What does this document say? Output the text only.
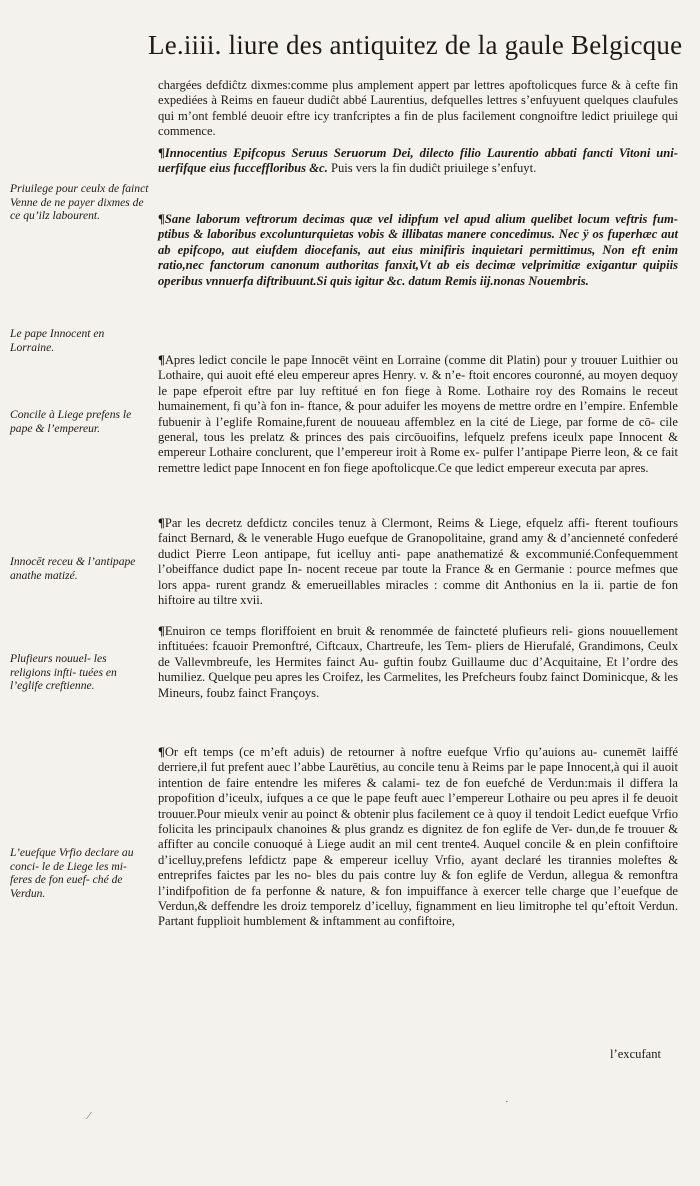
Le.iiii. liure des antiquitez de la gaule Belgicque

chargées defdiĉtz dixmes:comme plus amplement appert par lettres apoftolicques furce & à cefte fin expediées à Reims en faueur dudiĉt abbé Laurentius, defquelles lettres s’enfuyuent quelques claufules qui m’ont femblé deuoir eftre icy tranfcriptes a fin de plus facilement congnoiftre ledict priuilege qui commence.

¶Innocentius Epifcopus Seruus Seruorum Dei, dilecto filio Laurentio abbati fancti Vitoni uni- uerfifque eius fucceffloribus &c. Puis vers la fin dudiĉt priuilege s’enfuyt.

¶Sane laborum veftrorum decimas quæ vel idipfum vel apud alium quelibet locum veftris fum- ptibus & laboribus excolunturquietas vobis & illibatas manere concedimus. Nec ÿ os fuperhæc aut ab epifcopo, aut eiufdem diocefanis, aut eius minifiris inquietari permittimus, Non eft enim ratio,nec fanctorum canonum authoritas fanxit,Vt ab eis decimæ velprimitiæ exigantur quipiis operibus vnnuerfa diftribuunt.Si quis igitur &c. datum Remis iij.nonas Nouembris.

¶Apres ledict concile le pape Innocēt vēint en Lorraine (comme dit Platin) pour y trouuer Luithier ou Lothaire, qui auoit efté eleu empereur apres Henry. v. & n’e- ftoit encores couronné, au moyen dequoy le pape efperoit eftre par luy reftitué en fon fiege à Rome. Lothaire roy des Romains le receut humainement, fi qu’à fon in- ftance, & pour aduifer les moyens de mettre ordre en l’empire. Enfemble fubuenir à l’eglife Romaine,furent de nouueau affemblez en la cité de Liege, par forme de cō- cile general, tous les prelatz & princes des pais circōuoifins, lefquelz prefens iceulx pape Innocent & empereur Lothaire conclurent, que l’empereur iroit à Rome ex- pulfer l’antipape Pierre leon, & ce fait remettre ledict pape Innocent en fon fiege apoftolicque.Ce que ledict empereur executa par apres.

¶Par les decretz defdictz conciles tenuz à Clermont, Reims & Liege, efquelz affi- fterent toufiours fainct Bernard, & le venerable Hugo euefque de Granopolitaine, grand amy & d’ancienneté confederé dudict Pierre Leon antipape, fut icelluy anti- pape anathematizé & excommunié.Confequemment l’obeiffance dudict pape In- nocent receue par toute la France & en Germanie : pource mefmes que lors appa- rurent grandz & emerueillables miracles : comme dit Anthonius en la ii. partie de fon hiftoire au tiltre xvii.

¶Enuiron ce temps floriffoient en bruit & renommée de faincteté plufieurs reli- gions nouuellement inftituées: fcauoir Premonftré, Ciftcaux, Chartreufe, les Tem- pliers de Hierufalé, Grandimons, Ceulx de Vallevmbreufe, les Hermites fainct Au- guftin foubz Guillaume duc d’Acquitaine, Et l’ordre des humiliez. Quelque peu apres les Croifez, les Carmelites, les Prefcheurs foubz fainct Dominicque, & les Mineurs, foubz fainct Françoys.

¶Or eft temps (ce m’eft aduis) de retourner à noftre euefque Vrfio qu’auions au- cunemēt laiffé derriere,il fut prefent auec l’abbe Laurētius, au concile tenu à Reims par le pape Innocent,à qui il auoit intention de faire entendre les miferes & calami- tez de fon euefché de Verdun:mais il differa la propofition d’iceulx, iufques a ce que le pape feuft auec l’empereur Lothaire ou peu apres il fe deuoit trouuer.Pour mieulx venir au poinct & obtenir plus facilement ce à quoy il tendoit Ledict euefque Vrfio folicita les principaulx chanoines & plus grandz es dignitez de fon eglife de Ver- dun,de fe trouuer & affifter au concile conuoqué à Liege audit an mil cent trente4. Auquel concile & en plein confiftoire d’icelluy,prefens lefdictz pape & empereur icelluy Vrfio, ayant declaré les tirannies moleftes & entreprifes faictes par les no- bles du pais contre luy & fon eglife de Verdun, allegua & remonftra l’indifpofition de fa perfonne & nature, & fon impuiffance à exercer telle charge que l’euefque de Verdun,& deffendre les droiz temporelz d’icelluy, fignamment en lieu limitrophe tel qu’eftoit Verdun. Partant fupplioit humblement & inftamment au confiftoire,

l’excufant
Priuilege pour ceulx de fainct Venne de ne payer dixmes de ce qu’ilz labourent.
Le pape Innocent en Lorraine.
Concile à Liege prefens le pape & l’empereur.
Innocēt receu & l’antipape anathe matizé.
Plufieurs nouuel- les religions infti- tuées en l’eglife creftienne.
L’euefque Vrfio declare au conci- le de Liege les mi- feres de fon euef- ché de Verdun.
⁄
·
